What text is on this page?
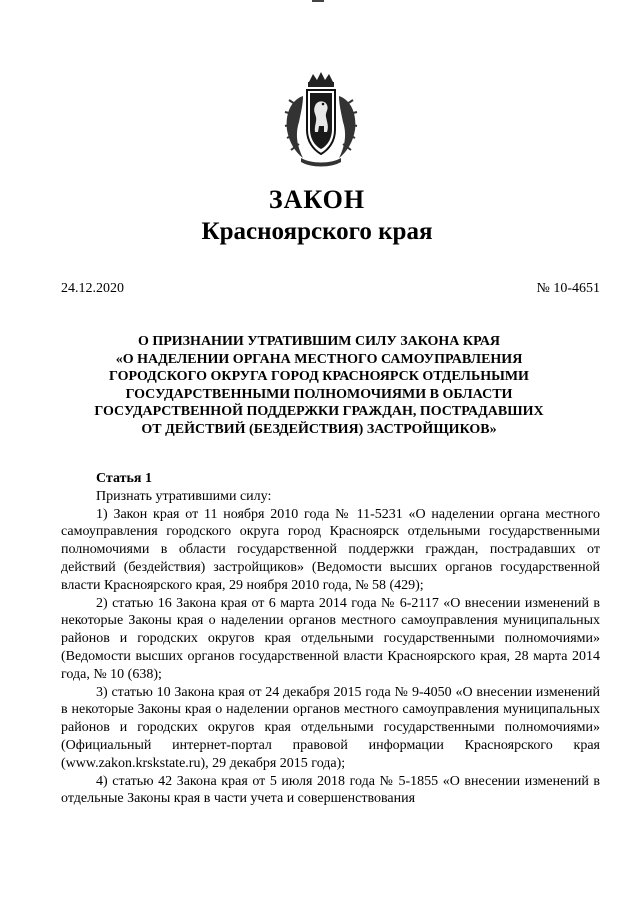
ЗАКОН
Красноярского края
24.12.2020	№ 10-4651
О ПРИЗНАНИИ УТРАТИВШИМ СИЛУ ЗАКОНА КРАЯ
«О НАДЕЛЕНИИ ОРГАНА МЕСТНОГО САМОУПРАВЛЕНИЯ
ГОРОДСКОГО ОКРУГА ГОРОД КРАСНОЯРСК ОТДЕЛЬНЫМИ
ГОСУДАРСТВЕННЫМИ ПОЛНОМОЧИЯМИ В ОБЛАСТИ
ГОСУДАРСТВЕННОЙ ПОДДЕРЖКИ ГРАЖДАН, ПОСТРАДАВШИХ
ОТ ДЕЙСТВИЙ (БЕЗДЕЙСТВИЯ) ЗАСТРОЙЩИКОВ»
Статья 1
Признать утратившими силу:

1) Закон края от 11 ноября 2010 года № 11-5231 «О наделении органа местного самоуправления городского округа город Красноярск отдельными государственными полномочиями в области государственной поддержки граждан, пострадавших от действий (бездействия) застройщиков» (Ведомости высших органов государственной власти Красноярского края, 29 ноября 2010 года, № 58 (429);

2) статью 16 Закона края от 6 марта 2014 года № 6-2117 «О внесении изменений в некоторые Законы края о наделении органов местного самоуправления муниципальных районов и городских округов края отдельными государственными полномочиями» (Ведомости высших органов государственной власти Красноярского края, 28 марта 2014 года, № 10 (638);

3) статью 10 Закона края от 24 декабря 2015 года № 9-4050 «О внесении изменений в некоторые Законы края о наделении органов местного самоуправления муниципальных районов и городских округов края отдельными государственными полномочиями» (Официальный интернет-портал правовой информации Красноярского края (www.zakon.krskstate.ru), 29 декабря 2015 года);

4) статью 42 Закона края от 5 июля 2018 года № 5-1855 «О внесении изменений в отдельные Законы края в части учета и совершенствования
